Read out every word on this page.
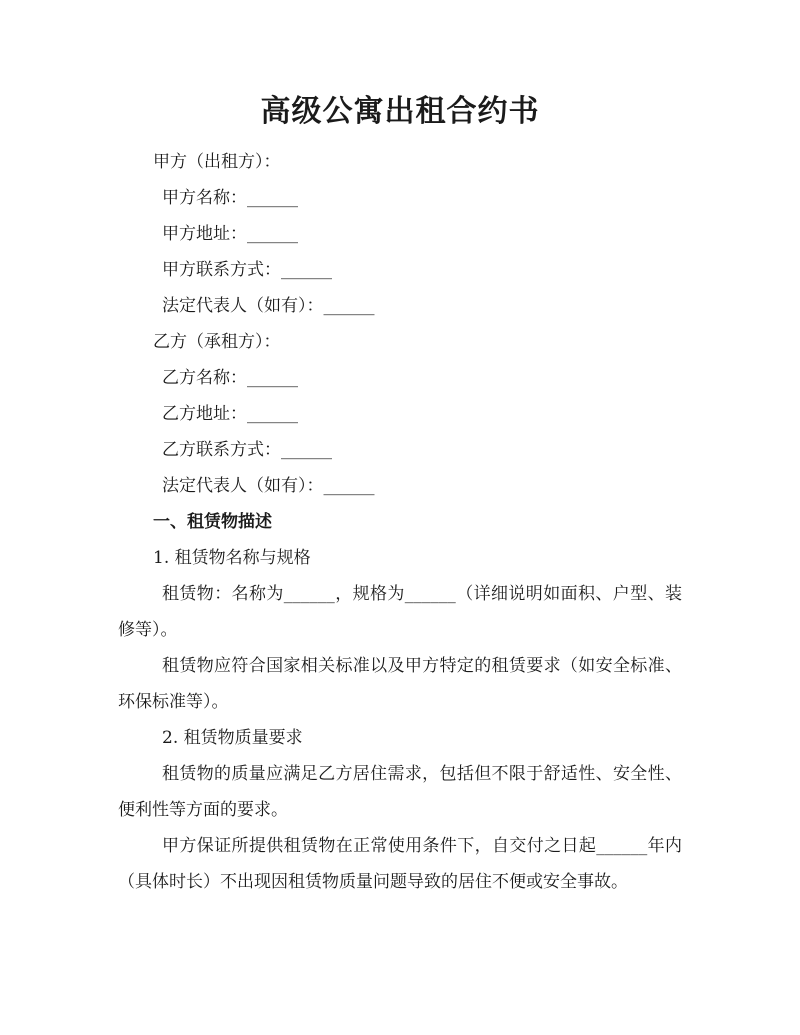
高级公寓出租合约书
甲方（出租方）：
甲方名称：______
甲方地址：______
甲方联系方式：______
法定代表人（如有）：______
乙方（承租方）：
乙方名称：______
乙方地址：______
乙方联系方式：______
法定代表人（如有）：______
一、租赁物描述
1. 租赁物名称与规格
租赁物：名称为______，规格为______（详细说明如面积、户型、装修等）。
租赁物应符合国家相关标准以及甲方特定的租赁要求（如安全标准、环保标准等）。
2. 租赁物质量要求
租赁物的质量应满足乙方居住需求，包括但不限于舒适性、安全性、便利性等方面的要求。
甲方保证所提供租赁物在正常使用条件下，自交付之日起______年内（具体时长）不出现因租赁物质量问题导致的居住不便或安全事故。
